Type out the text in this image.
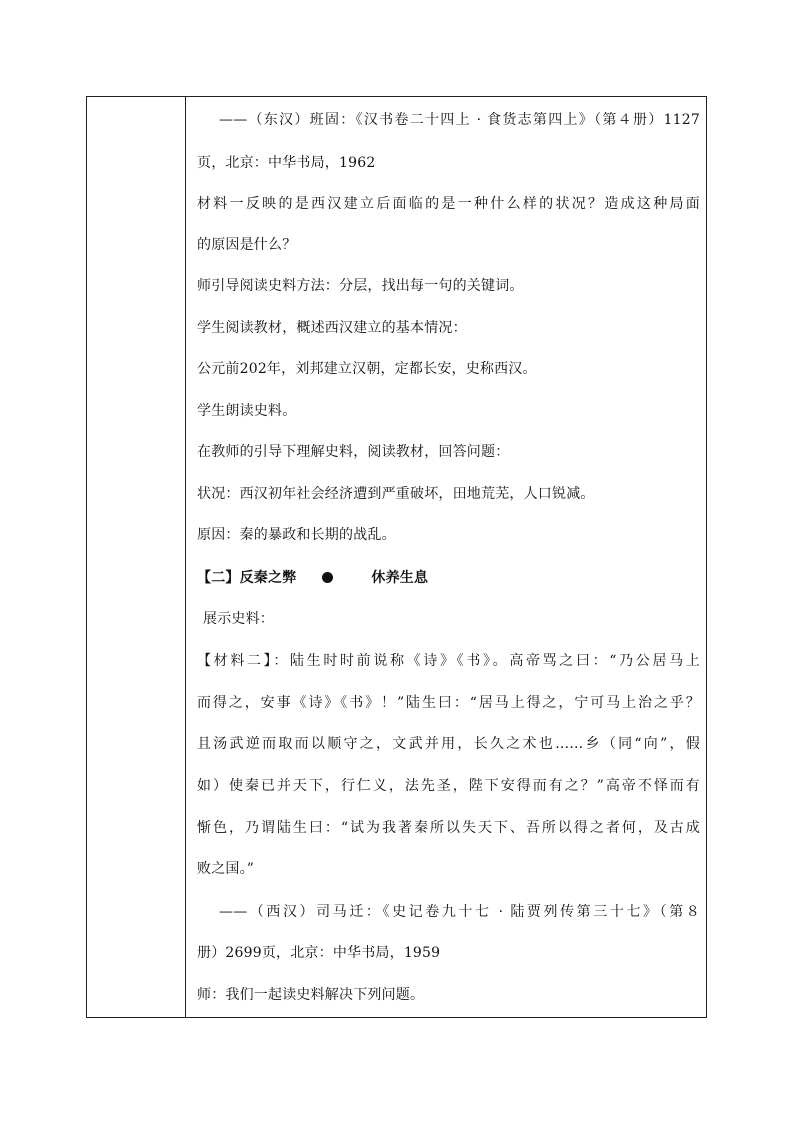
——（东汉）班固：《汉书卷二十四上 · 食货志第四上》（第４册）1127
页，北京：中华书局，1962
材料一反映的是西汉建立后面临的是一种什么样的状况？造成这种局面
的原因是什么？
师引导阅读史料方法：分层，找出每一句的关键词。
学生阅读教材，概述西汉建立的基本情况：
公元前202年，刘邦建立汉朝，定都长安，史称西汉。
学生朗读史料。
在教师的引导下理解史料，阅读教材，回答问题：
状况：西汉初年社会经济遭到严重破坏，田地荒芜，人口锐减。
原因：秦的暴政和长期的战乱。
【二】反秦之弊	休养生息
展示史料：
【材料二】：陆生时时前说称《诗》《书》。高帝骂之曰：“乃公居马上
而得之，安事《诗》《书》！”陆生曰：“居马上得之，宁可马上治之乎？
且汤武逆而取而以顺守之，文武并用，长久之术也……乡（同“向”，假
如）使秦已并天下，行仁义，法先圣，陛下安得而有之？”高帝不怿而有
惭色，乃谓陆生曰：“试为我著秦所以失天下、吾所以得之者何，及古成
败之国。”
——（西汉）司马迁：《史记卷九十七 · 陆贾列传第三十七》（第８
册）2699页，北京：中华书局，1959
师：我们一起读史料解决下列问题。
